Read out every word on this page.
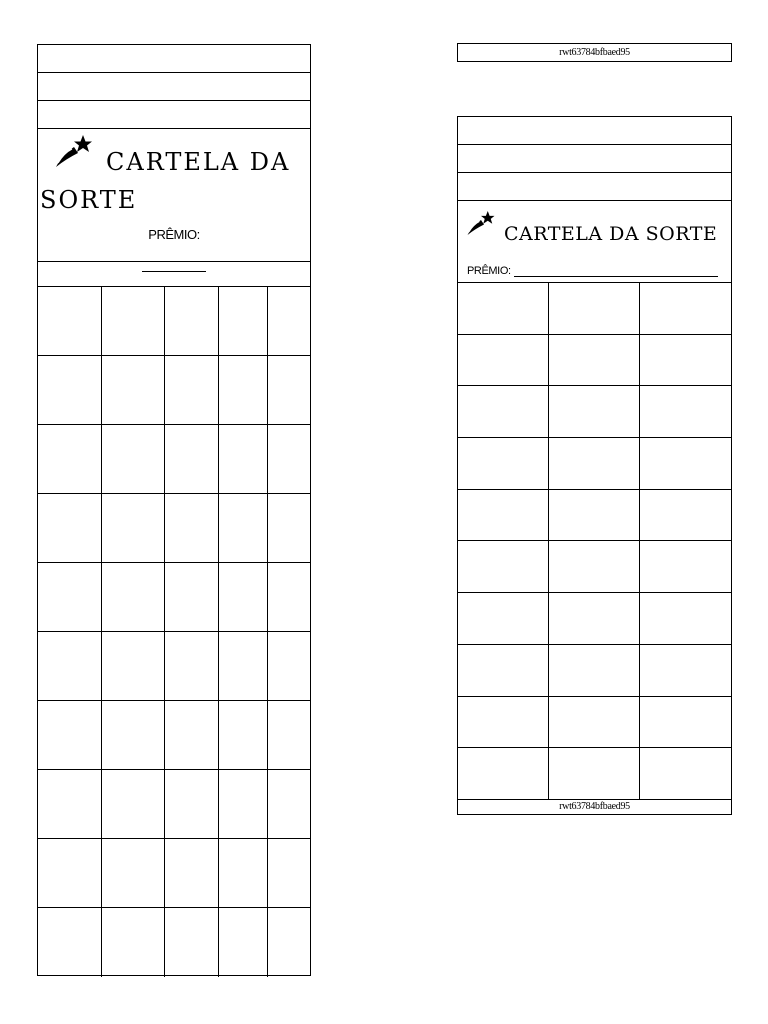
CARTELA DA SORTE
PRÊMIO:
rwt63784bfbaed95
CARTELA DA SORTE
PRÊMIO:
rwt63784bfbaed95
